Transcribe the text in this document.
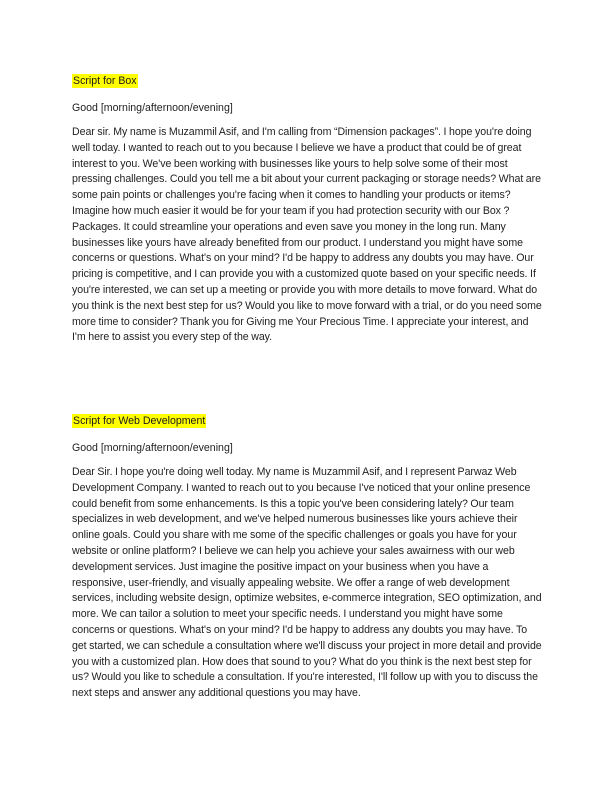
Script for Box

Good [morning/afternoon/evening]

Dear sir. My name is Muzammil Asif, and I'm calling from “Dimension packages”. I hope you're doing well today. I wanted to reach out to you because I believe we have a product that could be of great interest to you. We've been working with businesses like yours to help solve some of their most pressing challenges. Could you tell me a bit about your current packaging or storage needs? What are some pain points or challenges you're facing when it comes to handling your products or items? Imagine how much easier it would be for your team if you had protection security with our Box ? Packages. It could streamline your operations and even save you money in the long run. Many businesses like yours have already benefited from our product. I understand you might have some concerns or questions. What's on your mind? I'd be happy to address any doubts you may have. Our pricing is competitive, and I can provide you with a customized quote based on your specific needs. If you're interested, we can set up a meeting or provide you with more details to move forward. What do you think is the next best step for us? Would you like to move forward with a trial, or do you need some more time to consider? Thank you for Giving me Your Precious Time. I appreciate your interest, and I'm here to assist you every step of the way.

Script for Web Development

Good [morning/afternoon/evening]

Dear Sir. I hope you're doing well today. My name is Muzammil Asif, and I represent Parwaz Web Development Company. I wanted to reach out to you because I've noticed that your online presence could benefit from some enhancements. Is this a topic you've been considering lately? Our team specializes in web development, and we've helped numerous businesses like yours achieve their online goals. Could you share with me some of the specific challenges or goals you have for your website or online platform? I believe we can help you achieve your sales awairness with our web development services. Just imagine the positive impact on your business when you have a responsive, user-friendly, and visually appealing website. We offer a range of web development services, including website design, optimize websites, e-commerce integration, SEO optimization, and more. We can tailor a solution to meet your specific needs. I understand you might have some concerns or questions. What's on your mind? I'd be happy to address any doubts you may have. To get started, we can schedule a consultation where we'll discuss your project in more detail and provide you with a customized plan. How does that sound to you? What do you think is the next best step for us? Would you like to schedule a consultation. If you're interested, I'll follow up with you to discuss the next steps and answer any additional questions you may have.
